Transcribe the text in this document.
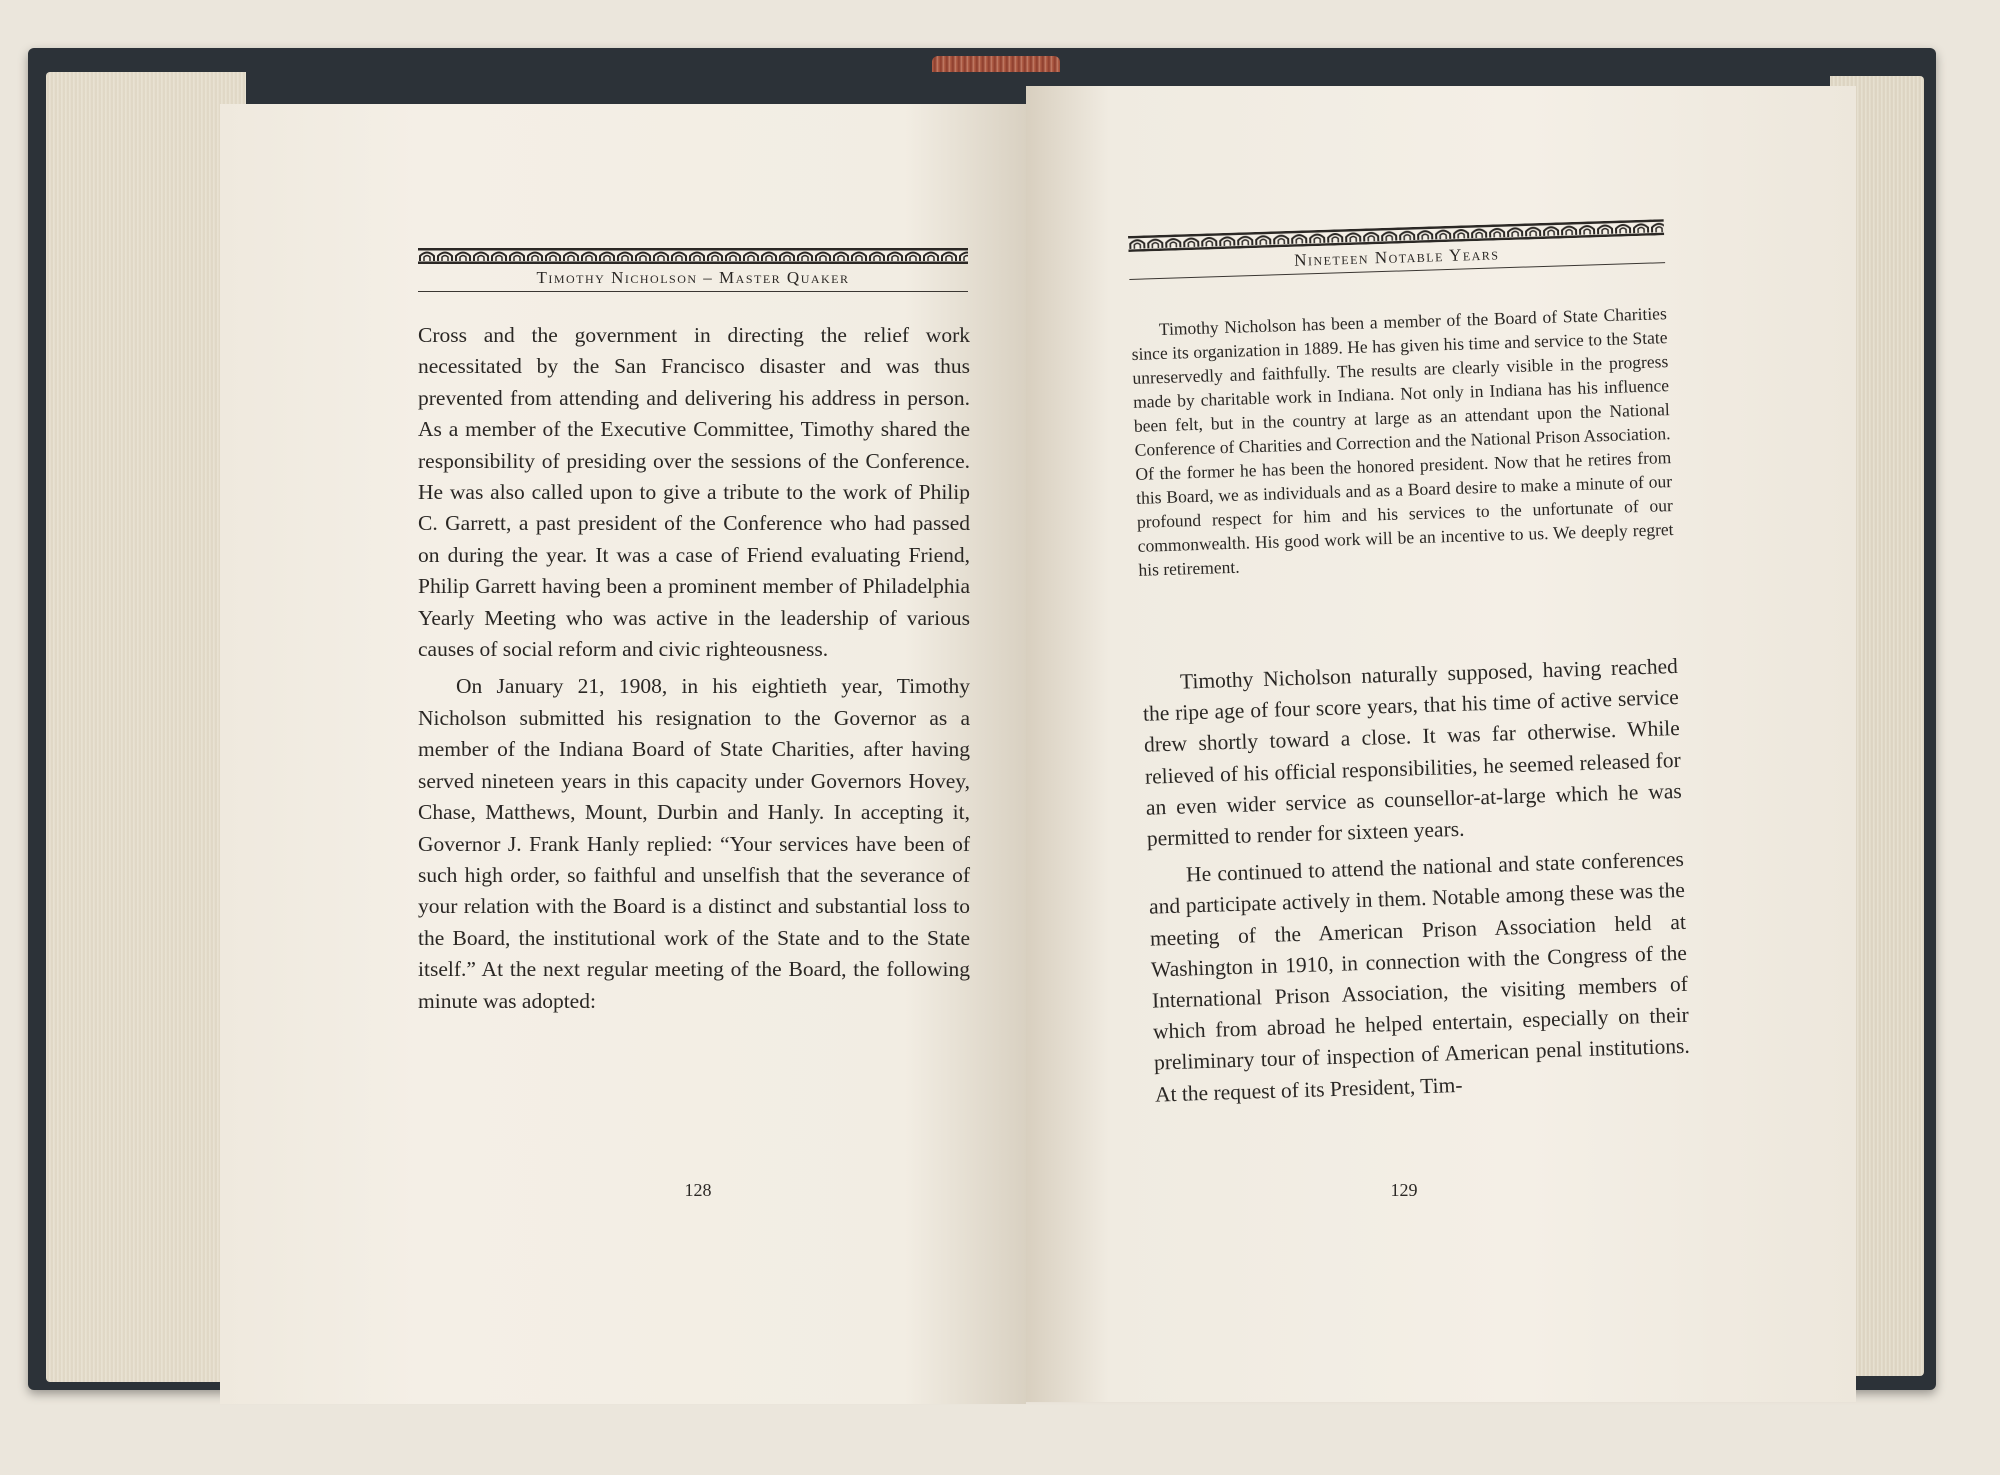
Timothy Nicholson – Master Quaker

Cross and the government in directing the relief work necessitated by the San Francisco disaster and was thus prevented from attending and delivering his address in person. As a member of the Executive Committee, Timothy shared the responsibility of presiding over the sessions of the Conference. He was also called upon to give a tribute to the work of Philip C. Garrett, a past president of the Conference who had passed on during the year. It was a case of Friend evaluating Friend, Philip Garrett having been a prominent member of Philadelphia Yearly Meeting who was active in the leadership of various causes of social reform and civic righteousness.

On January 21, 1908, in his eightieth year, Timothy Nicholson submitted his resignation to the Governor as a member of the Indiana Board of State Charities, after having served nineteen years in this capacity under Governors Hovey, Chase, Matthews, Mount, Durbin and Hanly. In accepting it, Governor J. Frank Hanly replied: “Your services have been of such high order, so faithful and unselfish that the severance of your relation with the Board is a distinct and substantial loss to the Board, the institutional work of the State and to the State itself.” At the next regular meeting of the Board, the following minute was adopted:

128
Nineteen Notable Years

Timothy Nicholson has been a member of the Board of State Charities since its organization in 1889. He has given his time and service to the State unreservedly and faithfully. The results are clearly visible in the progress made by charitable work in Indiana. Not only in Indiana has his influence been felt, but in the country at large as an attendant upon the National Conference of Charities and Correction and the National Prison Association. Of the former he has been the honored president. Now that he retires from this Board, we as individuals and as a Board desire to make a minute of our profound respect for him and his services to the unfortunate of our commonwealth. His good work will be an incentive to us. We deeply regret his retirement.

Timothy Nicholson naturally supposed, having reached the ripe age of four score years, that his time of active service drew shortly toward a close. It was far otherwise. While relieved of his official responsibilities, he seemed released for an even wider service as counsellor-at-large which he was permitted to render for sixteen years.

He continued to attend the national and state conferences and participate actively in them. Notable among these was the meeting of the American Prison Association held at Washington in 1910, in connection with the Congress of the International Prison Association, the visiting members of which from abroad he helped entertain, especially on their preliminary tour of inspection of American penal institutions. At the request of its President, Tim-

129
